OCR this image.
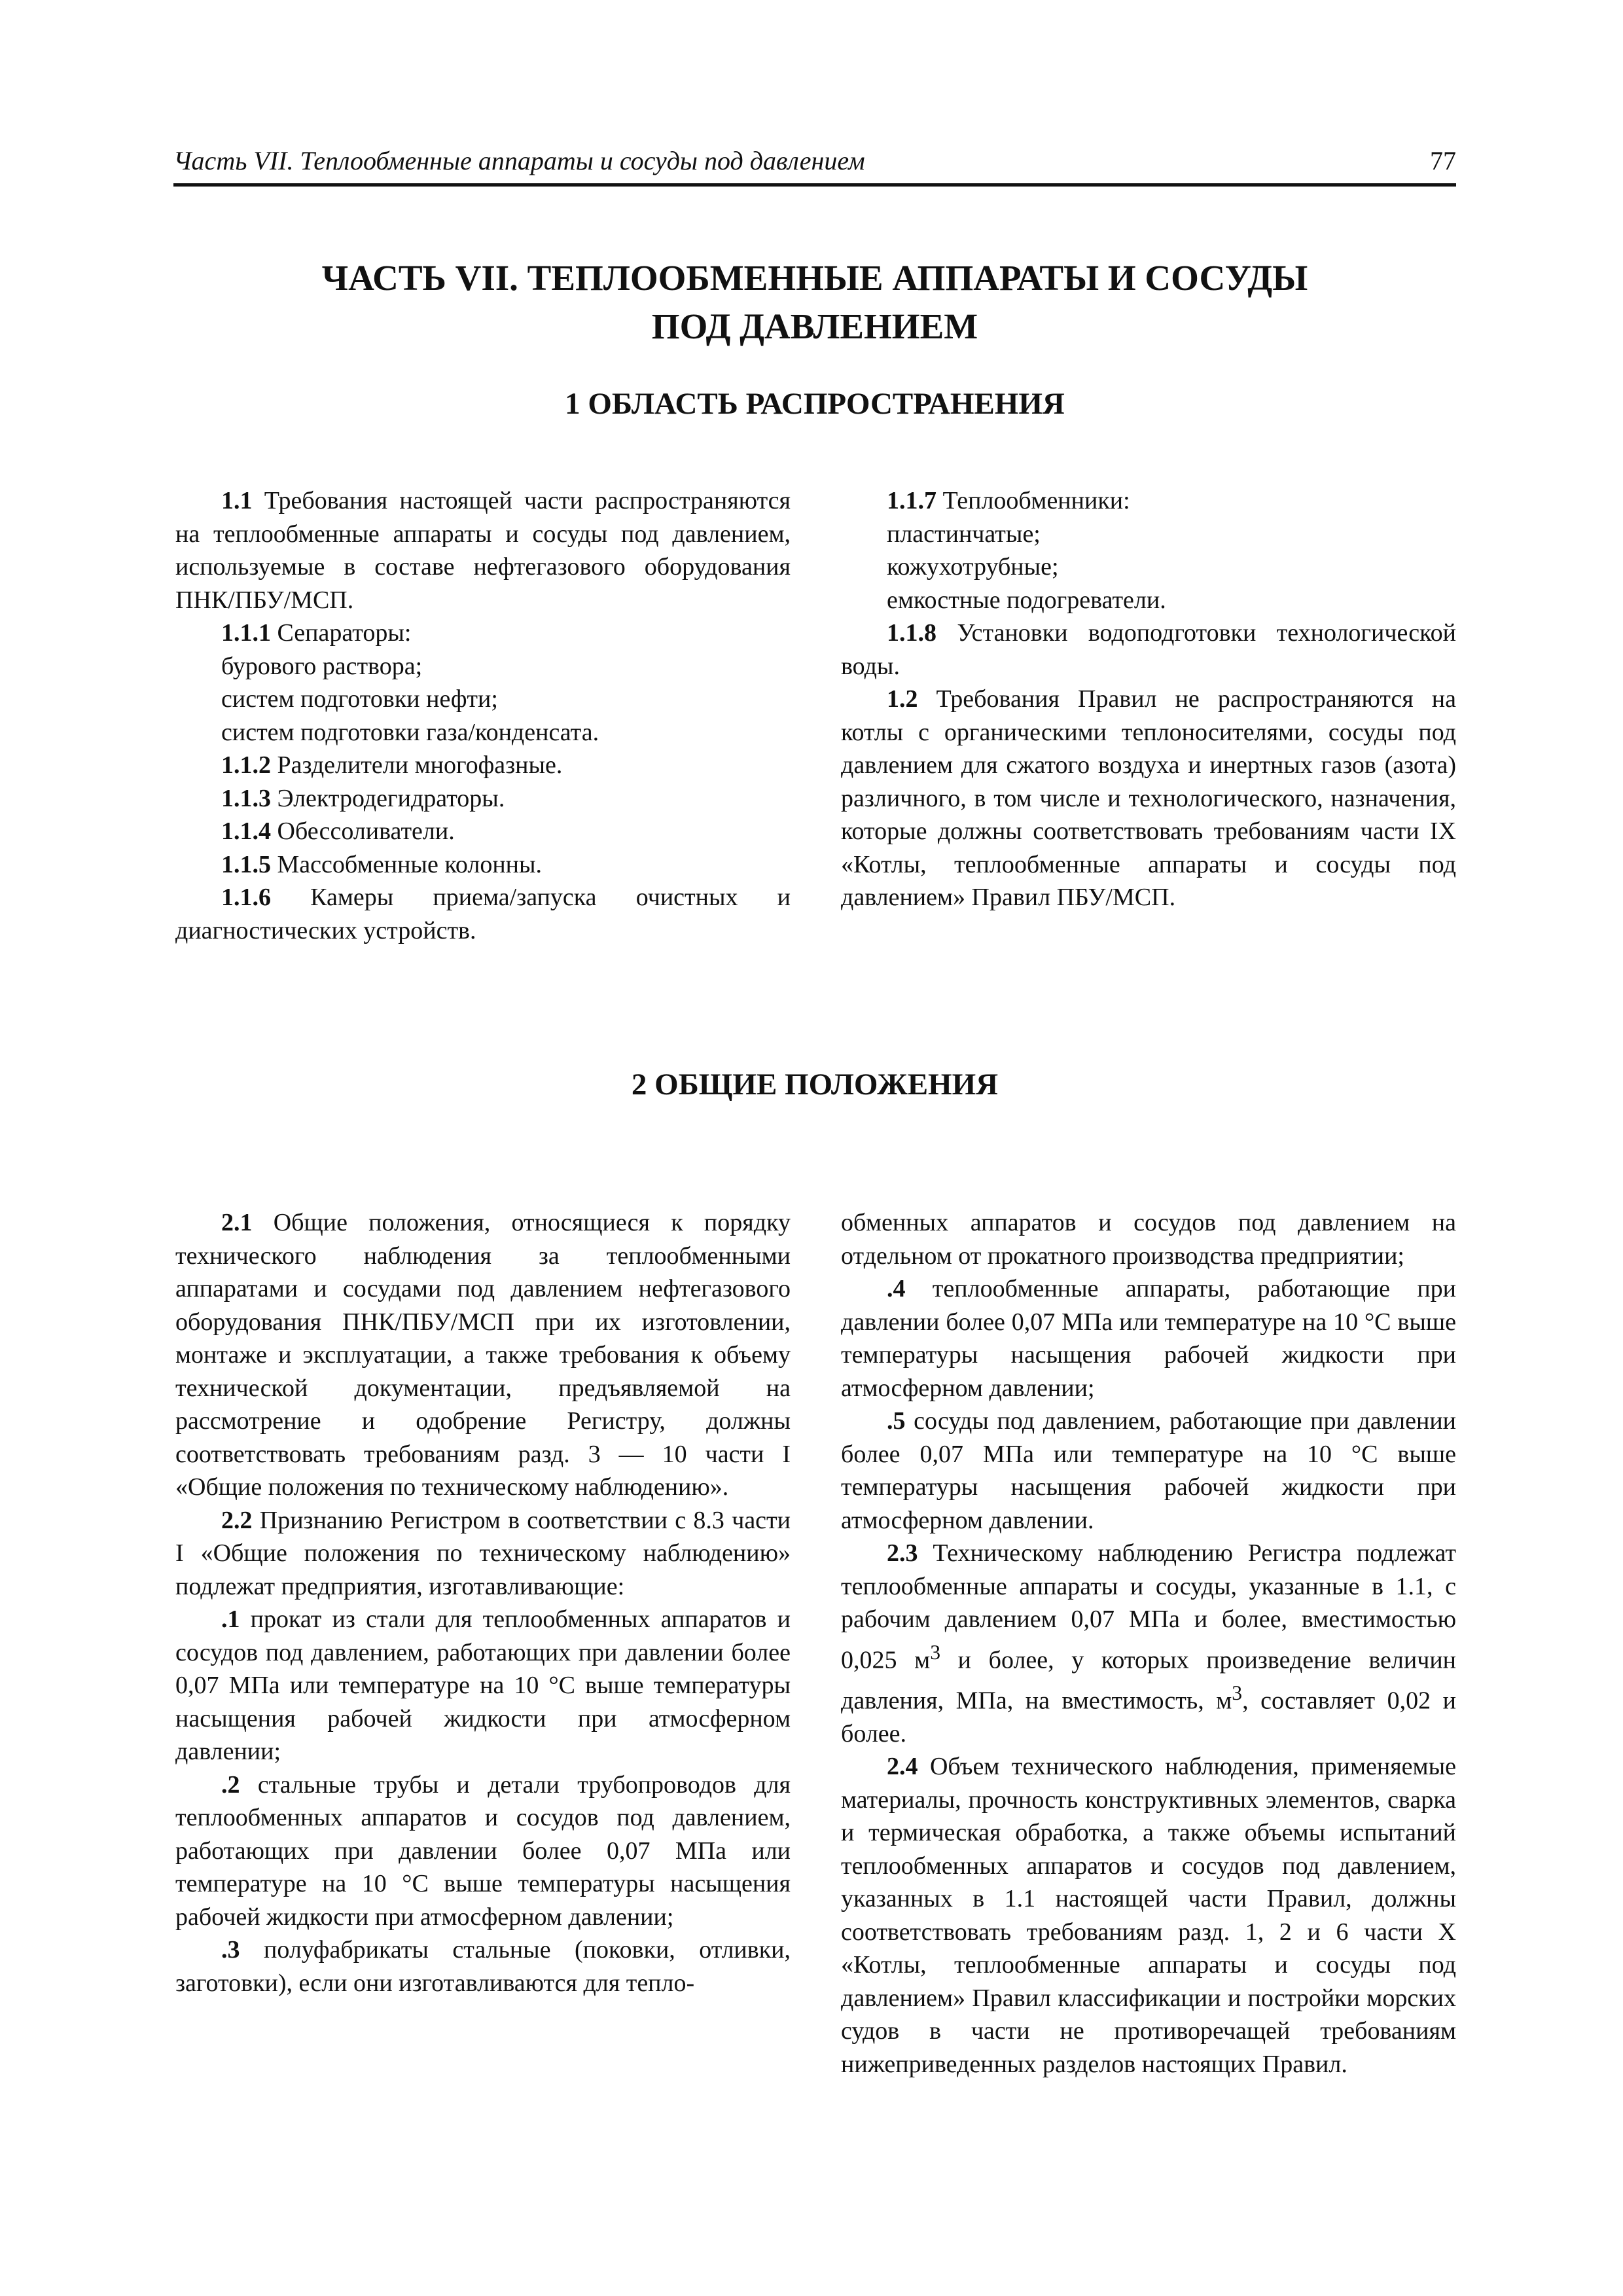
Часть VII. Теплообменные аппараты и сосуды под давлением	77
ЧАСТЬ VII. ТЕПЛООБМЕННЫЕ АППАРАТЫ И СОСУДЫ
ПОД ДАВЛЕНИЕМ
1 ОБЛАСТЬ РАСПРОСТРАНЕНИЯ

1.1 Требования настоящей части распространяются на теплообменные аппараты и сосуды под давлением, используемые в составе нефтегазового оборудования ПНК/ПБУ/МСП.

1.1.1 Сепараторы:

бурового раствора;

систем подготовки нефти;

систем подготовки газа/конденсата.

1.1.2 Разделители многофазные.

1.1.3 Электродегидраторы.

1.1.4 Обессоливатели.

1.1.5 Массобменные колонны.

1.1.6 Камеры приема/запуска очистных и диагностических устройств.

1.1.7 Теплообменники:

пластинчатые;

кожухотрубные;

емкостные подогреватели.

1.1.8 Установки водоподготовки технологической воды.

1.2 Требования Правил не распространяются на котлы с органическими теплоносителями, сосуды под давлением для сжатого воздуха и инертных газов (азота) различного, в том числе и технологического, назначения, которые должны соответствовать требованиям части IX «Котлы, теплообменные аппараты и сосуды под давлением» Правил ПБУ/МСП.

2 ОБЩИЕ ПОЛОЖЕНИЯ

2.1 Общие положения, относящиеся к порядку технического наблюдения за теплообменными аппаратами и сосудами под давлением нефтегазового оборудования ПНК/ПБУ/МСП при их изготовлении, монтаже и эксплуатации, а также требования к объему технической документации, предъявляемой на рассмотрение и одобрение Регистру, должны соответствовать требованиям разд. 3 — 10 части I «Общие положения по техническому наблюдению».

2.2 Признанию Регистром в соответствии с 8.3 части I «Общие положения по техническому наблюдению» подлежат предприятия, изготавливающие:

.1 прокат из стали для теплообменных аппаратов и сосудов под давлением, работающих при давлении более 0,07 МПа или температуре на 10 °С выше температуры насыщения рабочей жидкости при атмосферном давлении;

.2 стальные трубы и детали трубопроводов для теплообменных аппаратов и сосудов под давлением, работающих при давлении более 0,07 МПа или температуре на 10 °С выше температуры насыщения рабочей жидкости при атмосферном давлении;

.3 полуфабрикаты стальные (поковки, отливки, заготовки), если они изготавливаются для тепло-

обменных аппаратов и сосудов под давлением на отдельном от прокатного производства предприятии;

.4 теплообменные аппараты, работающие при давлении более 0,07 МПа или температуре на 10 °С выше температуры насыщения рабочей жидкости при атмосферном давлении;

.5 сосуды под давлением, работающие при давлении более 0,07 МПа или температуре на 10 °С выше температуры насыщения рабочей жидкости при атмосферном давлении.

2.3 Техническому наблюдению Регистра подлежат теплообменные аппараты и сосуды, указанные в 1.1, с рабочим давлением 0,07 МПа и более, вместимостью 0,025 $м^3$ и более, у которых произведение величин давления, МПа, на вместимость, $м^3$, составляет 0,02 и более.

2.4 Объем технического наблюдения, применяемые материалы, прочность конструктивных элементов, сварка и термическая обработка, а также объемы испытаний теплообменных аппаратов и сосудов под давлением, указанных в 1.1 настоящей части Правил, должны соответствовать требованиям разд. 1, 2 и 6 части X «Котлы, теплообменные аппараты и сосуды под давлением» Правил классификации и постройки морских судов в части не противоречащей требованиям нижеприведенных разделов настоящих Правил.
